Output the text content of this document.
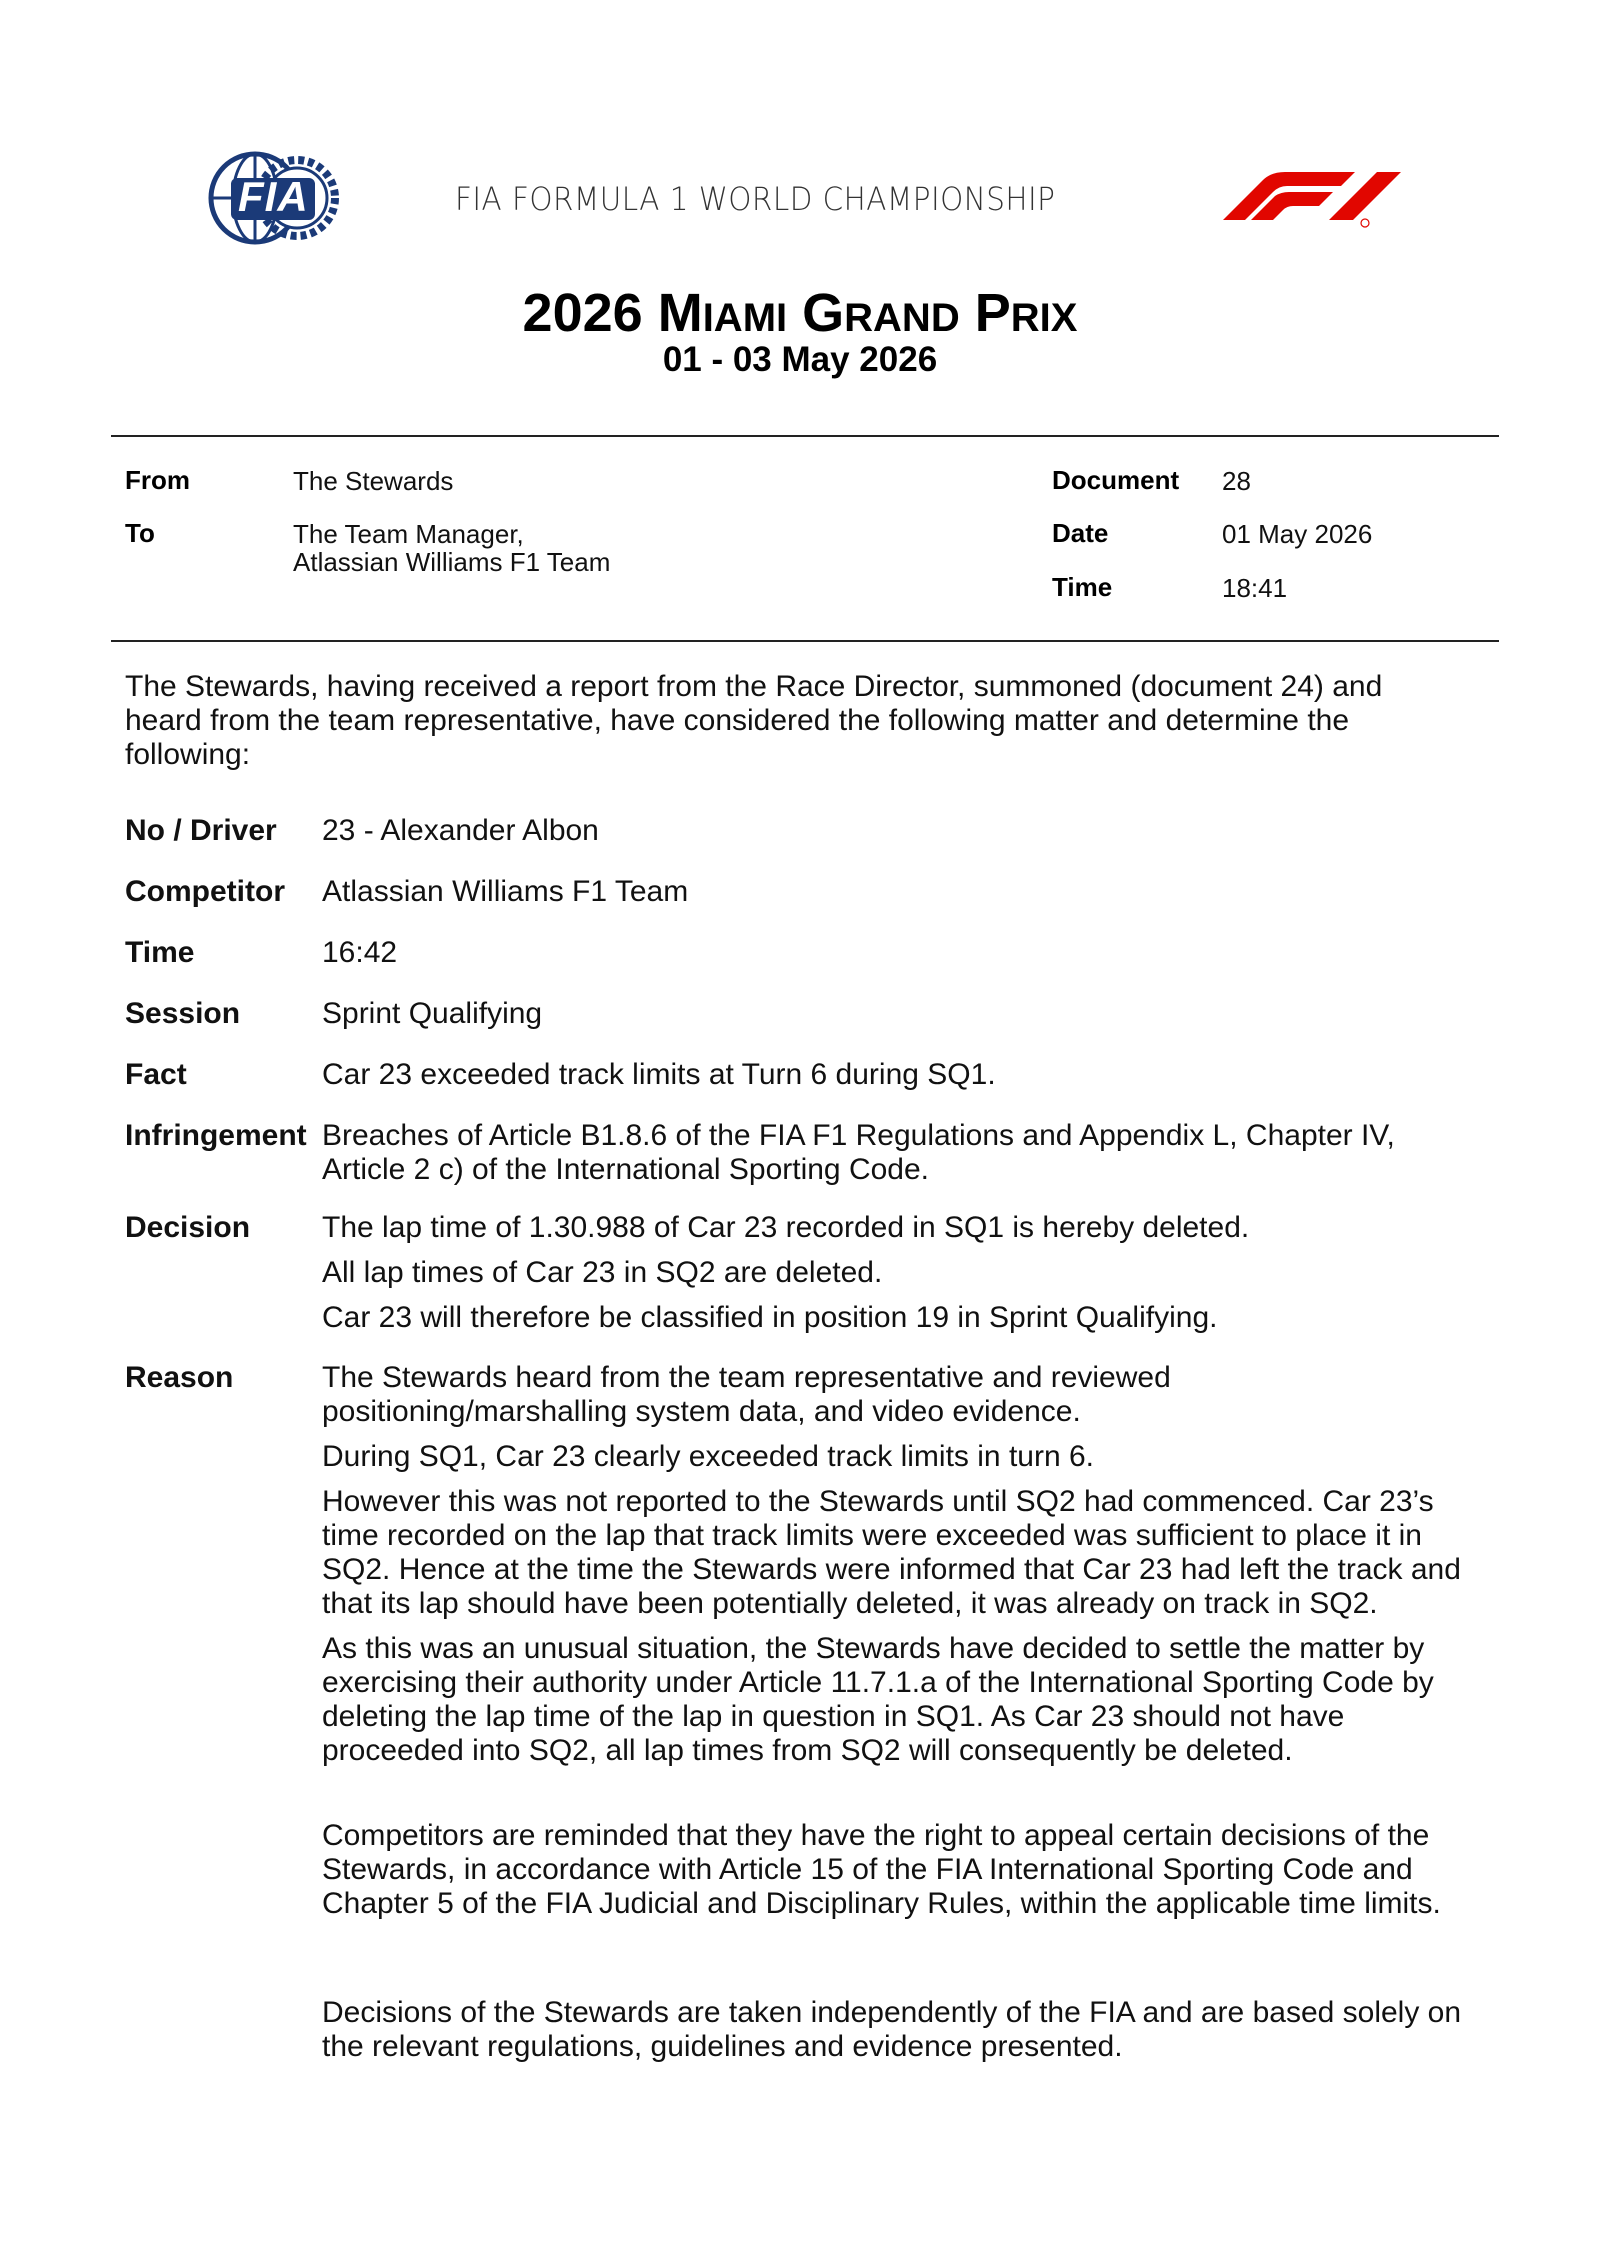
FIA	FIA FORMULA 1 WORLD CHAMPIONSHIP
2026 MIAMI GRAND PRIX
01 - 03 May 2026
From	The Stewards
To	The Team Manager,
Atlassian Williams F1 Team
Document 28
Date	01 May 2026
Time	18:41
The Stewards, having received a report from the Race Director, summoned (document 24) and heard from the team representative, have considered the following matter and determine the following:
No / Driver 23 - Alexander Albon
Competitor Atlassian Williams F1 Team
Time	16:42
Session	Sprint Qualifying
Fact	Car 23 exceeded track limits at Turn 6 during SQ1.
Infringement Breaches of Article B1.8.6 of the FIA F1 Regulations and Appendix L, Chapter IV, Article 2 c) of the International Sporting Code.
Decision The lap time of 1.30.988 of Car 23 recorded in SQ1 is hereby deleted.

All lap times of Car 23 in SQ2 are deleted.

Car 23 will therefore be classified in position 19 in Sprint Qualifying.

Reason	The Stewards heard from the team representative and reviewed positioning/marshalling system data, and video evidence.

During SQ1, Car 23 clearly exceeded track limits in turn 6.

However this was not reported to the Stewards until SQ2 had commenced. Car 23’s time recorded on the lap that track limits were exceeded was sufficient to place it in SQ2. Hence at the time the Stewards were informed that Car 23 had left the track and that its lap should have been potentially deleted, it was already on track in SQ2.

As this was an unusual situation, the Stewards have decided to settle the matter by exercising their authority under Article 11.7.1.a of the International Sporting Code by deleting the lap time of the lap in question in SQ1. As Car 23 should not have proceeded into SQ2, all lap times from SQ2 will consequently be deleted.

Competitors are reminded that they have the right to appeal certain decisions of the Stewards, in accordance with Article 15 of the FIA International Sporting Code and Chapter 5 of the FIA Judicial and Disciplinary Rules, within the applicable time limits.
Decisions of the Stewards are taken independently of the FIA and are based solely on the relevant regulations, guidelines and evidence presented.
